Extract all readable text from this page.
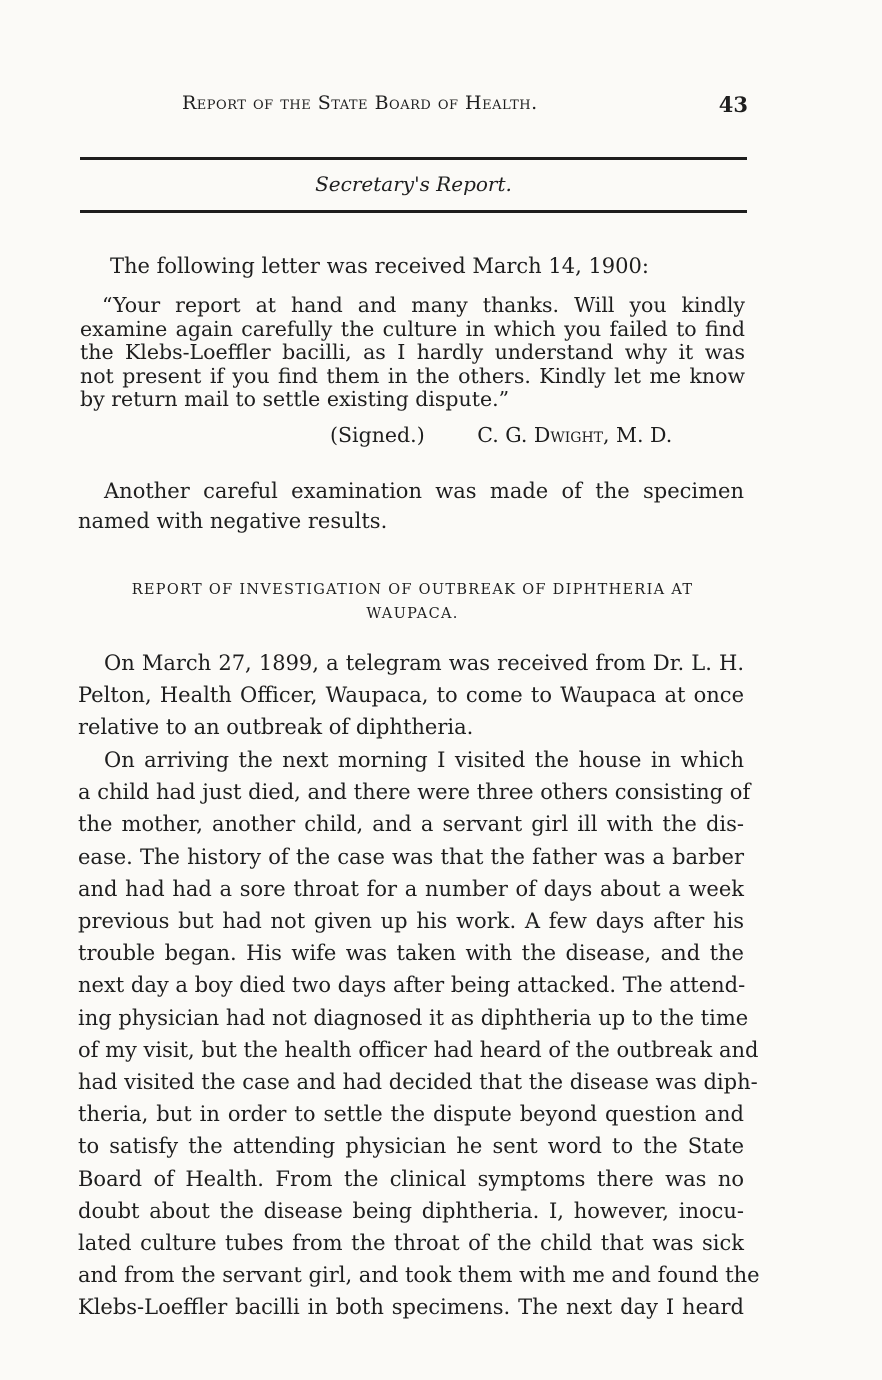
Report of the State Board of Health.	43
Secretary's Report.

The following letter was received March 14, 1900:

“Your report at hand and many thanks. Will you kindly
examine again carefully the culture in which you failed to find
the Klebs-Loeffler bacilli, as I hardly understand why it was
not present if you find them in the others. Kindly let me know
by return mail to settle existing dispute.”
(Signed.)	C. G. Dwight, M. D.
Another careful examination was made of the specimen
named with negative results.
REPORT OF INVESTIGATION OF OUTBREAK OF DIPHTHERIA AT
WAUPACA.
On March 27, 1899, a telegram was received from Dr. L. H.
Pelton, Health Officer, Waupaca, to come to Waupaca at once
relative to an outbreak of diphtheria.
On arriving the next morning I visited the house in which
a child had just died, and there were three others consisting of
the mother, another child, and a servant girl ill with the dis-
ease. The history of the case was that the father was a barber
and had had a sore throat for a number of days about a week
previous but had not given up his work. A few days after his
trouble began. His wife was taken with the disease, and the
next day a boy died two days after being attacked. The attend-
ing physician had not diagnosed it as diphtheria up to the time
of my visit, but the health officer had heard of the outbreak and
had visited the case and had decided that the disease was diph-
theria, but in order to settle the dispute beyond question and
to satisfy the attending physician he sent word to the State
Board of Health. From the clinical symptoms there was no
doubt about the disease being diphtheria. I, however, inocu-
lated culture tubes from the throat of the child that was sick
and from the servant girl, and took them with me and found the
Klebs-Loeffler bacilli in both specimens. The next day I heard
